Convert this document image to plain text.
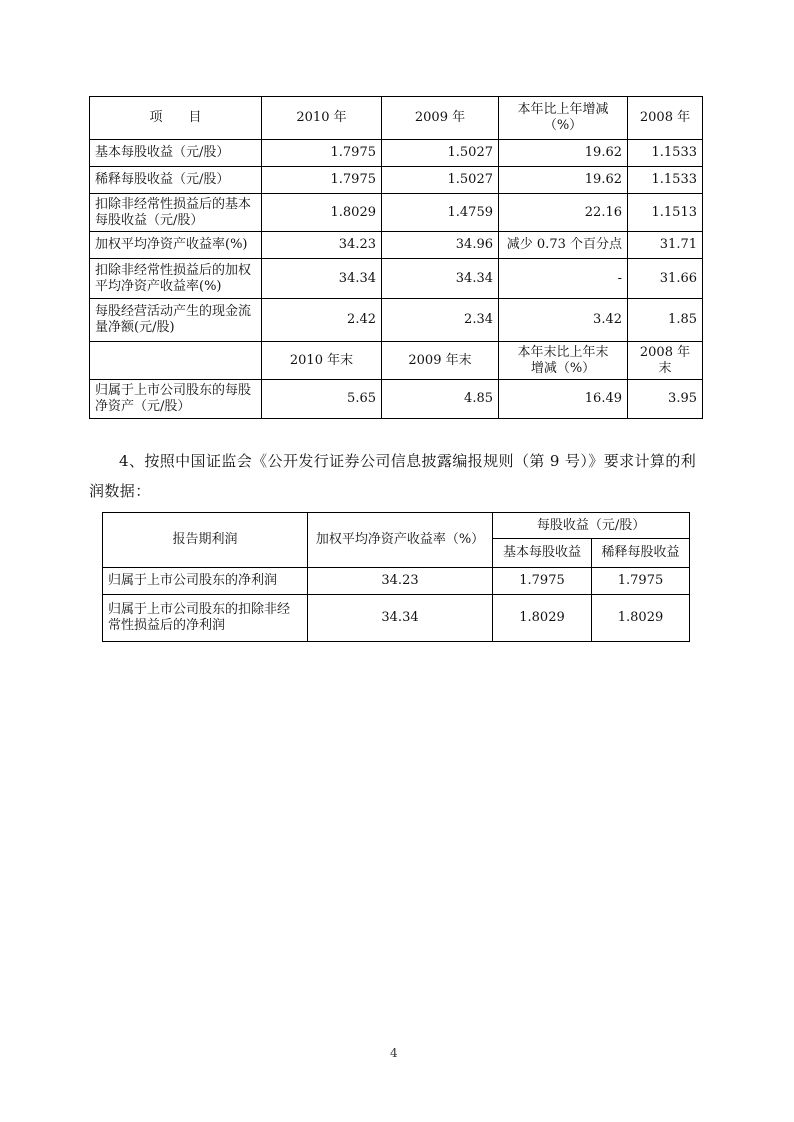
项　　目	2010 年	2009 年	本年比上年增减（%）	2008 年
基本每股收益（元/股）	1.7975	1.5027	19.62	1.1533
稀释每股收益（元/股）	1.7975	1.5027	19.62	1.1533
扣除非经常性损益后的基本每股收益（元/股）	1.8029	1.4759	22.16	1.1513
加权平均净资产收益率(%)	34.23	34.96	减少 0.73 个百分点	31.71
扣除非经常性损益后的加权平均净资产收益率(%)	34.34	34.34	-	31.66
每股经营活动产生的现金流量净额(元/股)	2.42	2.34	3.42	1.85
	2010 年末	2009 年末	本年末比上年末增减（%）	2008 年末
归属于上市公司股东的每股净资产（元/股）	5.65	4.85	16.49	3.95
4、按照中国证监会《公开发行证券公司信息披露编报规则（第 9 号）》要求计算的利润数据：
报告期利润	加权平均净资产收益率（%）	每股收益（元/股）	
		基本每股收益	稀释每股收益
归属于上市公司股东的净利润	34.23	1.7975	1.7975
归属于上市公司股东的扣除非经常性损益后的净利润	34.34	1.8029	1.8029
4
